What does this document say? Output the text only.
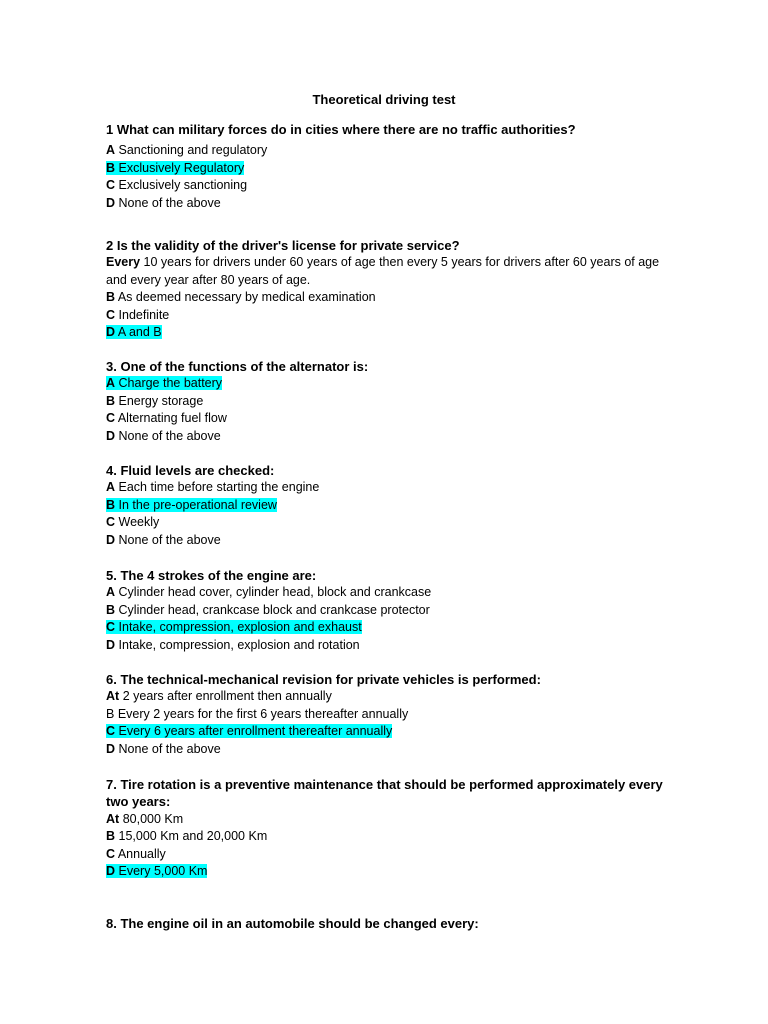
Theoretical driving test
1 What can military forces do in cities where there are no traffic authorities?
A Sanctioning and regulatory
B Exclusively Regulatory
C Exclusively sanctioning
D None of the above
2 Is the validity of the driver's license for private service?
Every 10 years for drivers under 60 years of age then every 5 years for drivers after 60 years of age and every year after 80 years of age.
B As deemed necessary by medical examination
C Indefinite
D A and B
3. One of the functions of the alternator is:
A Charge the battery
B Energy storage
C Alternating fuel flow
D None of the above
4. Fluid levels are checked:
A Each time before starting the engine
B In the pre-operational review
C Weekly
D None of the above
5. The 4 strokes of the engine are:
A Cylinder head cover, cylinder head, block and crankcase
B Cylinder head, crankcase block and crankcase protector
C Intake, compression, explosion and exhaust
D Intake, compression, explosion and rotation
6. The technical-mechanical revision for private vehicles is performed:
At 2 years after enrollment then annually
B Every 2 years for the first 6 years thereafter annually
C Every 6 years after enrollment thereafter annually
D None of the above
7. Tire rotation is a preventive maintenance that should be performed approximately every two years:
At 80,000 Km
B 15,000 Km and 20,000 Km
C Annually
D Every 5,000 Km
8. The engine oil in an automobile should be changed every:
